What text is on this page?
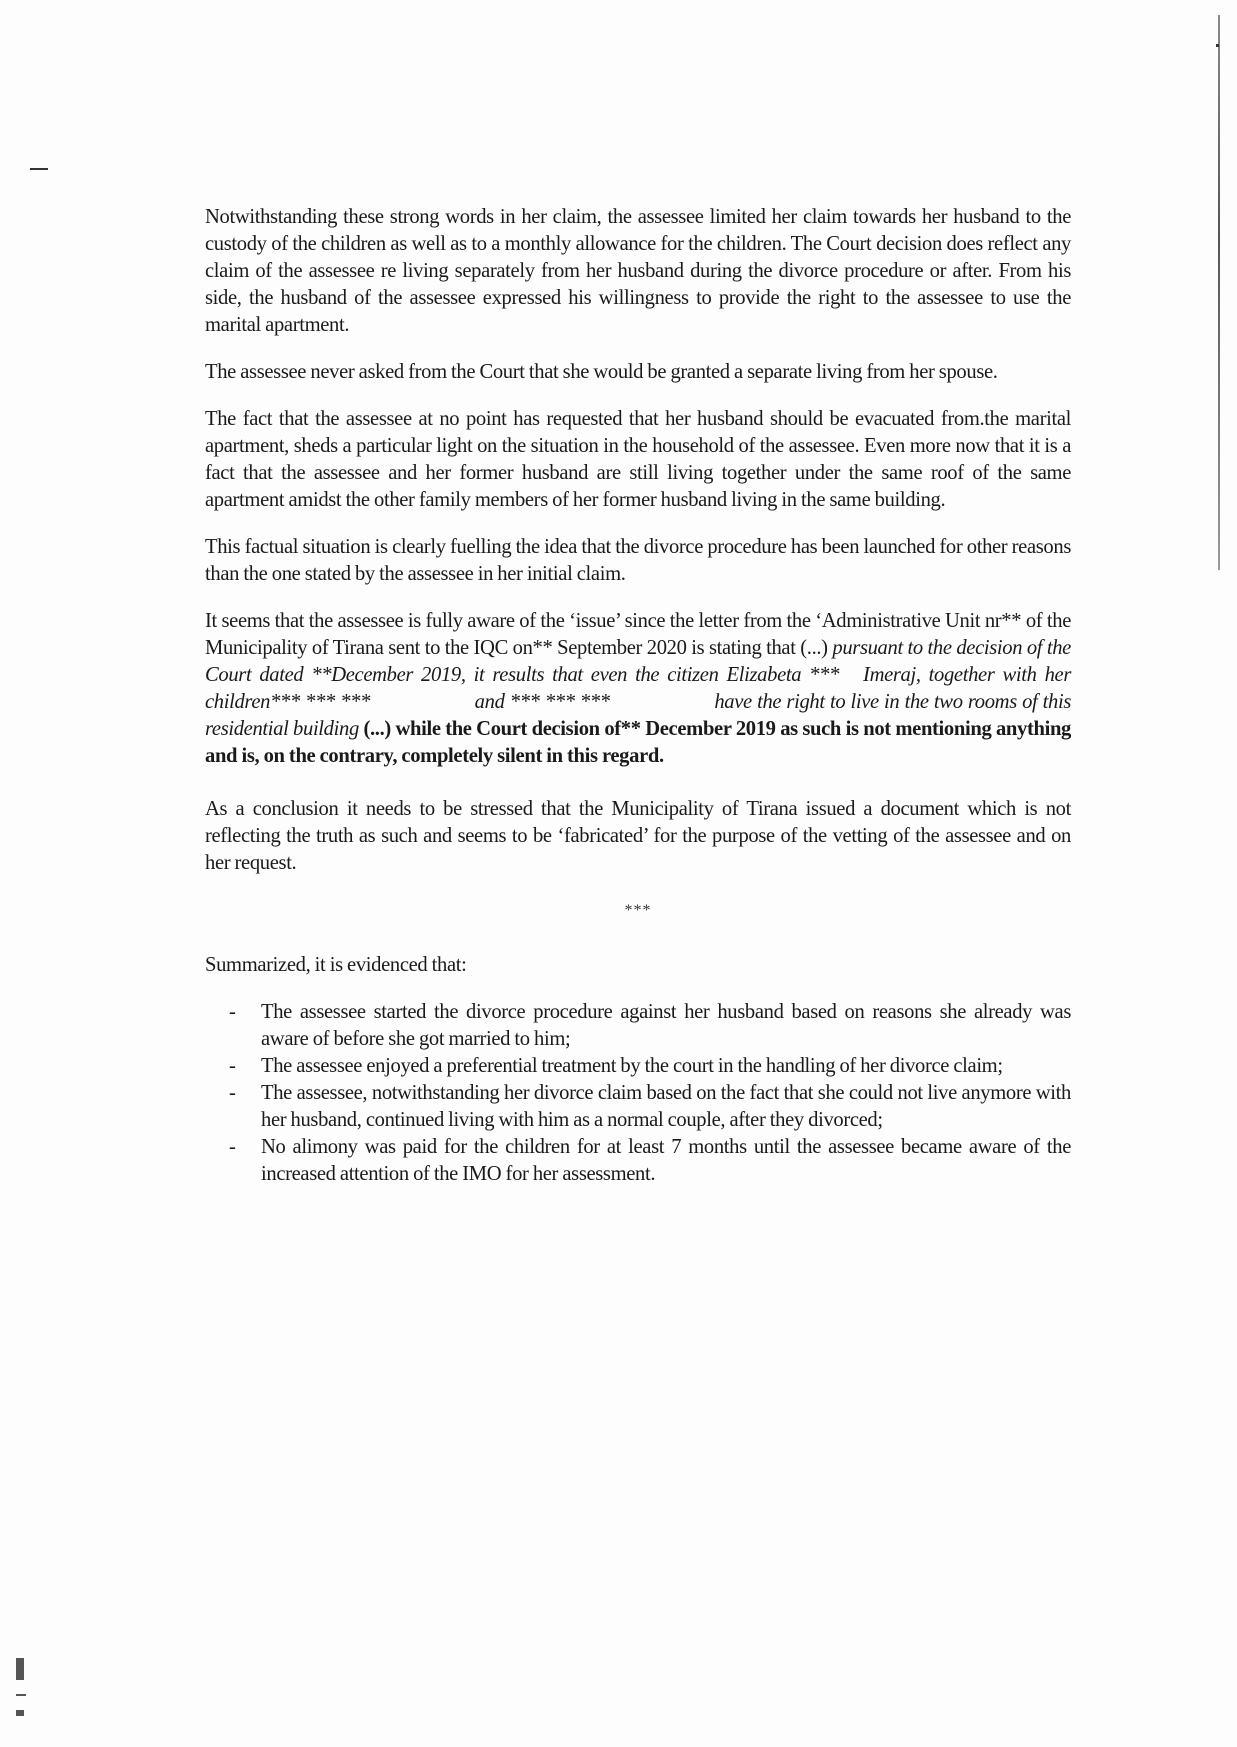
Notwithstanding these strong words in her claim, the assessee limited her claim towards her husband to the custody of the children as well as to a monthly allowance for the children. The Court decision does reflect any claim of the assessee re living separately from her husband during the divorce procedure or after. From his side, the husband of the assessee expressed his willingness to provide the right to the assessee to use the marital apartment.

The assessee never asked from the Court that she would be granted a separate living from her spouse.

The fact that the assessee at no point has requested that her husband should be evacuated from.the marital apartment, sheds a particular light on the situation in the household of the assessee. Even more now that it is a fact that the assessee and her former husband are still living together under the same roof of the same apartment amidst the other family members of her former husband living in the same building.

This factual situation is clearly fuelling the idea that the divorce procedure has been launched for other reasons than the one stated by the assessee in her initial claim.

It seems that the assessee is fully aware of the ‘issue’ since the letter from the ‘Administrative Unit nr** of the Municipality of Tirana sent to the IQC on** September 2020 is stating that (...) pursuant to the decision of the Court dated **December 2019, it results that even the citizen Elizabeta ***   Imeraj, together with her children*** *** ***                    and *** *** ***                    have the right to live in the two rooms of this residential building (...) while the Court decision of** December 2019 as such is not mentioning anything and is, on the contrary, completely silent in this regard.

As a conclusion it needs to be stressed that the Municipality of Tirana issued a document which is not reflecting the truth as such and seems to be ‘fabricated’ for the purpose of the vetting of the assessee and on her request.

***

Summarized, it is evidenced that:

- The assessee started the divorce procedure against her husband based on reasons she already was aware of before she got married to him;
- The assessee enjoyed a preferential treatment by the court in the handling of her divorce claim;
- The assessee, notwithstanding her divorce claim based on the fact that she could not live anymore with her husband, continued living with him as a normal couple, after they divorced;
- No alimony was paid for the children for at least 7 months until the assessee became aware of the increased attention of the IMO for her assessment.
